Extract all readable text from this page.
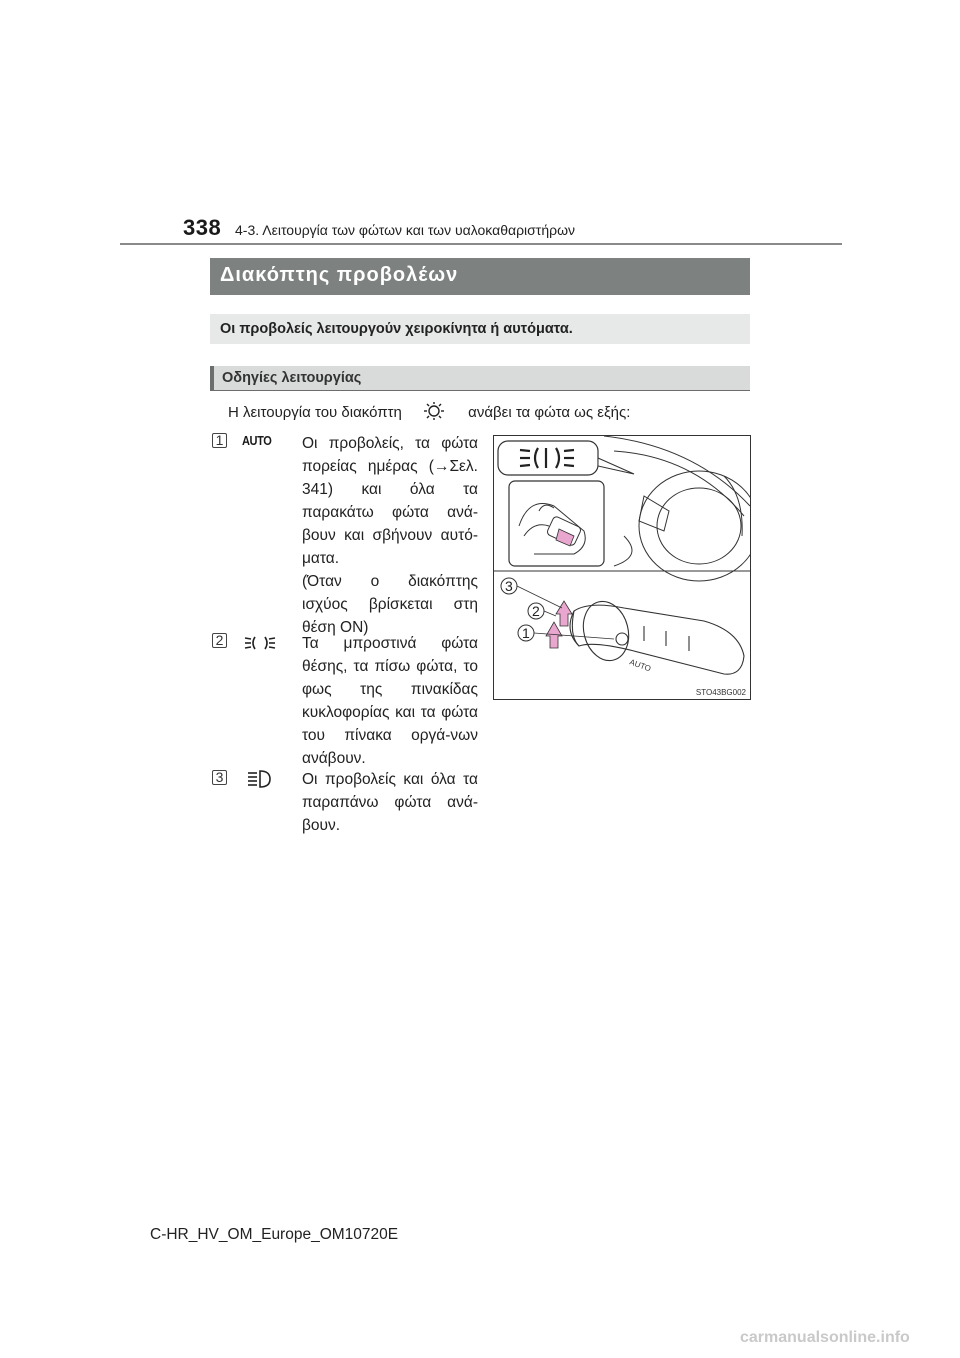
338 4-3. Λειτουργία των φώτων και των υαλοκαθαριστήρων
Διακόπτης προβολέων
Οι προβολείς λειτουργούν χειροκίνητα ή αυτόματα.
Οδηγίες λειτουργίας
Η λειτουργία του διακόπτη	ανάβει τα φώτα ως εξής:
1 AUTO Οι προβολείς, τα φώτα πορείας ημέρας (→Σελ. 341) και όλα τα παρακάτω φώτα ανά-βουν και σβήνουν αυτό-ματα.

(Όταν ο διακόπτης ισχύος βρίσκεται στη θέση ON)

2	Τα μπροστινά φώτα θέσης, τα πίσω φώτα, το φως της πινακίδας κυκλοφορίας και τα φώτα του πίνακα οργά-νων ανάβουν.

3	Οι προβολείς και όλα τα παραπάνω φώτα ανά-βουν.

AUTO
3
2
1
STO43BG002
C-HR_HV_OM_Europe_OM10720E
carmanualsonline.info
